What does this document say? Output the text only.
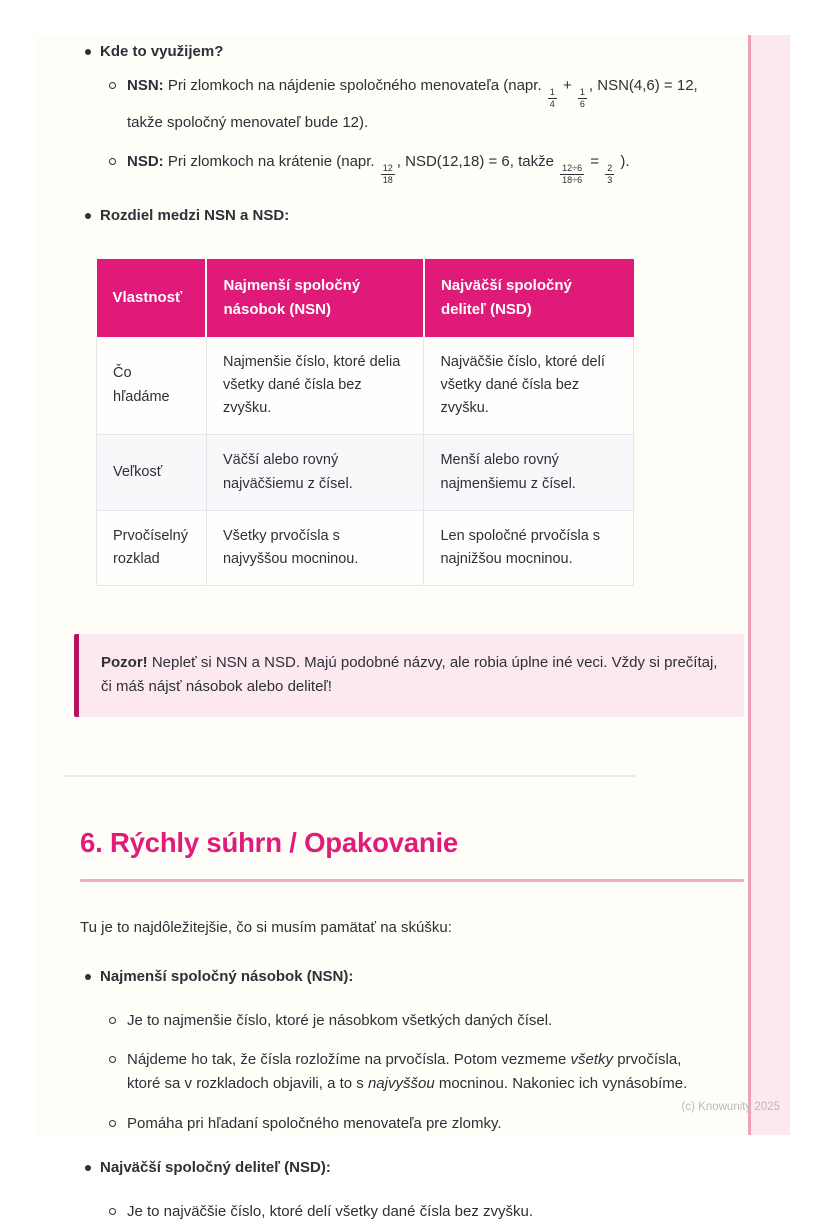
Kde to využijem?
NSN: Pri zlomkoch na nájdenie spoločného menovateľa (napr.
$\frac{1}{4}$
+
$\frac{1}{6}$
, NSN(4,6) = 12, takže spoločný menovateľ bude 12).
NSD: Pri zlomkoch na krátenie (napr.
$\frac{12}{18}$
, NSD(12,18) = 6, takže
$\frac{12\div 6}{18\div 6}$
=
$\frac{2}{3}$
).
Rozdiel medzi NSN a NSD:
Vlastnosť	Najmenší spoločný násobok (NSN)	Najväčší spoločný deliteľ (NSD)
Čo hľadáme	Najmenšie číslo, ktoré delia všetky dané čísla bez zvyšku.	Najväčšie číslo, ktoré delí všetky dané čísla bez zvyšku.
Veľkosť	Väčší alebo rovný najväčšiemu z čísel.	Menší alebo rovný najmenšiemu z čísel.
Prvočíselný rozklad	Všetky prvočísla s najvyššou mocninou.	Len spoločné prvočísla s najnižšou mocninou.
Pozor! Nepleť si NSN a NSD. Majú podobné názvy, ale robia úplne iné veci. Vždy si prečítaj, či máš nájsť násobok alebo deliteľ!
6. Rýchly súhrn / Opakovanie

Tu je to najdôležitejšie, čo si musím pamätať na skúšku:

Najmenší spoločný násobok (NSN):
Je to najmenšie číslo, ktoré je násobkom všetkých daných čísel.
Nájdeme ho tak, že čísla rozložíme na prvočísla. Potom vezmeme všetky prvočísla, ktoré sa v rozkladoch objavili, a to s najvyššou mocninou. Nakoniec ich vynásobíme.
Pomáha pri hľadaní spoločného menovateľa pre zlomky.
Najväčší spoločný deliteľ (NSD):
Je to najväčšie číslo, ktoré delí všetky dané čísla bez zvyšku.
(c) Knowunity 2025
